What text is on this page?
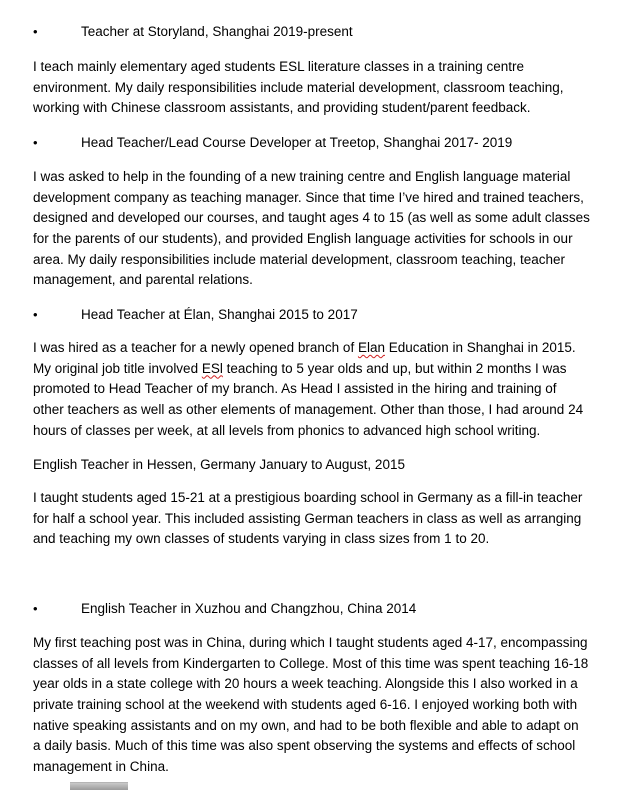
•	Teacher at Storyland, Shanghai 2019-present
I teach mainly elementary aged students ESL literature classes in a training centre
environment. My daily responsibilities include material development, classroom teaching,
working with Chinese classroom assistants, and providing student/parent feedback.
•	Head Teacher/Lead Course Developer at Treetop, Shanghai 2017- 2019
I was asked to help in the founding of a new training centre and English language material
development company as teaching manager. Since that time I’ve hired and trained teachers,
designed and developed our courses, and taught ages 4 to 15 (as well as some adult classes
for the parents of our students), and provided English language activities for schools in our
area. My daily responsibilities include material development, classroom teaching, teacher
management, and parental relations.
•	Head Teacher at Élan, Shanghai 2015 to 2017
I was hired as a teacher for a newly opened branch of Elan Education in Shanghai in 2015.
My original job title involved ESl teaching to 5 year olds and up, but within 2 months I was
promoted to Head Teacher of my branch. As Head I assisted in the hiring and training of
other teachers as well as other elements of management. Other than those, I had around 24
hours of classes per week, at all levels from phonics to advanced high school writing.
English Teacher in Hessen, Germany January to August, 2015
I taught students aged 15-21 at a prestigious boarding school in Germany as a fill-in teacher
for half a school year. This included assisting German teachers in class as well as arranging
and teaching my own classes of students varying in class sizes from 1 to 20.
•	English Teacher in Xuzhou and Changzhou, China 2014
My first teaching post was in China, during which I taught students aged 4-17, encompassing
classes of all levels from Kindergarten to College. Most of this time was spent teaching 16-18
year olds in a state college with 20 hours a week teaching. Alongside this I also worked in a
private training school at the weekend with students aged 6-16. I enjoyed working both with
native speaking assistants and on my own, and had to be both flexible and able to adapt on
a daily basis. Much of this time was also spent observing the systems and effects of school
management in China.
